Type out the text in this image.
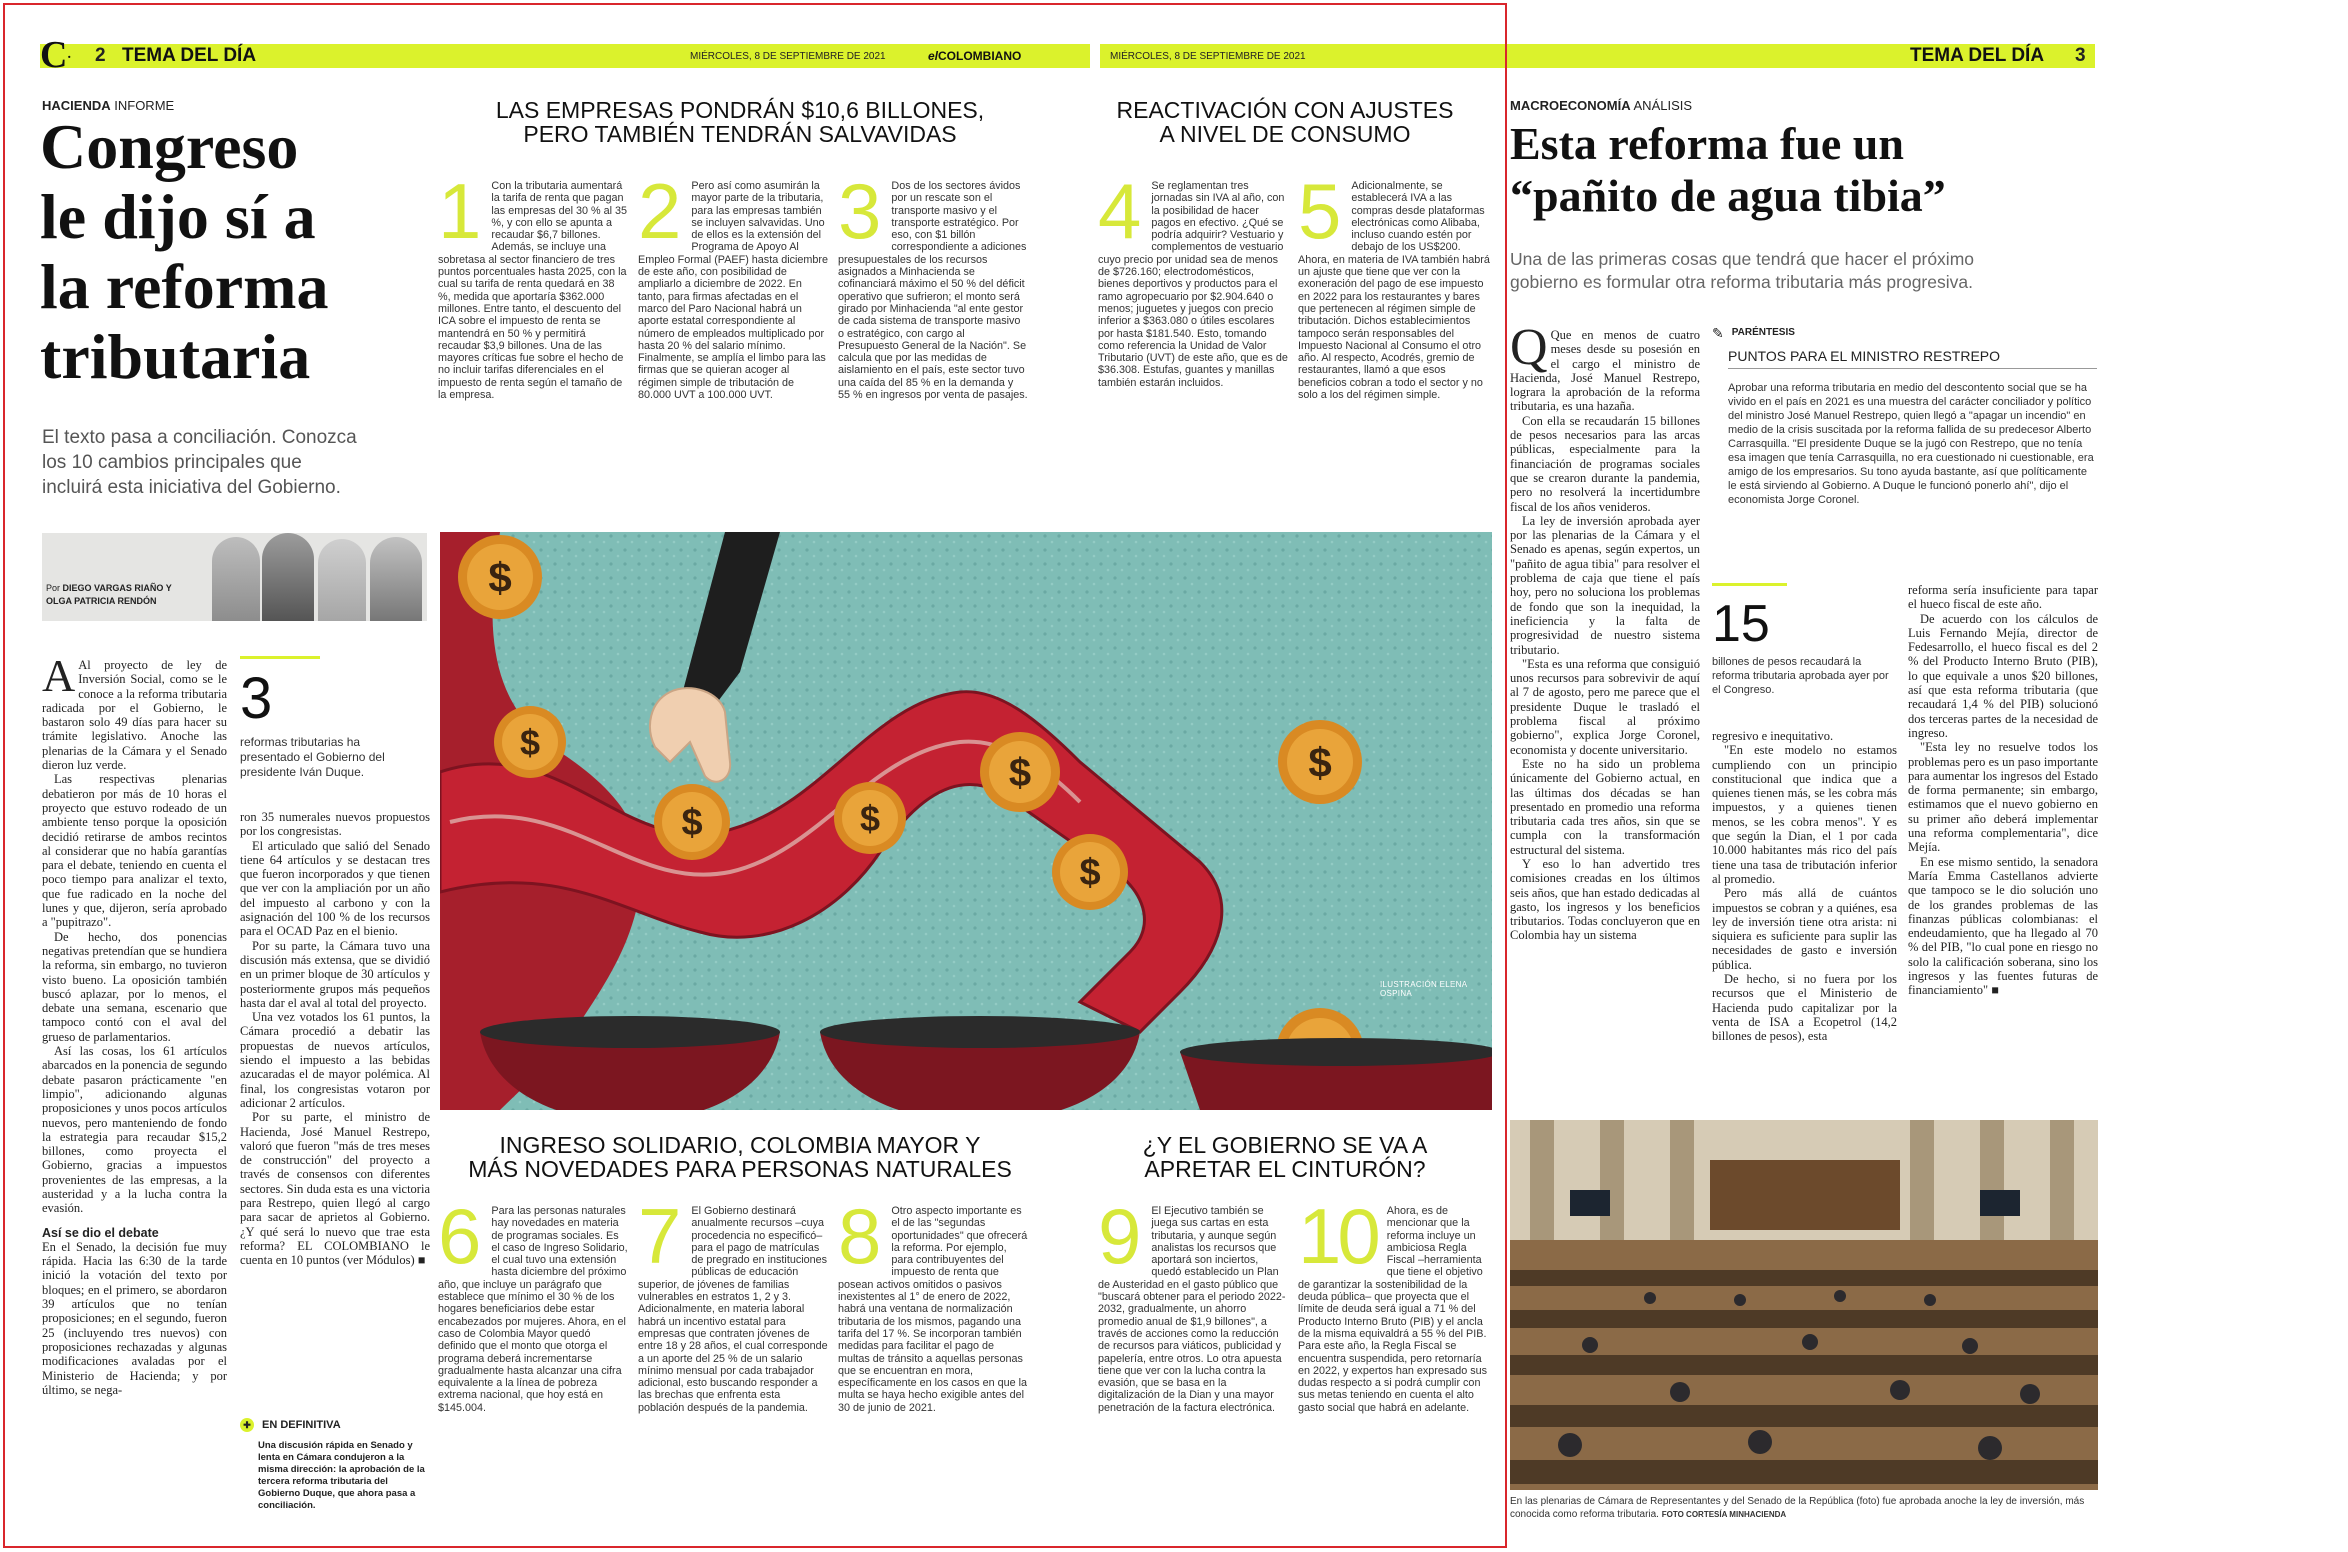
C. 2 TEMA DEL DÍA	MIÉRCOLES, 8 DE SEPTIEMBRE DE 2021	elCOLOMBIANO	MIÉRCOLES, 8 DE SEPTIEMBRE DE 2021	TEMA DEL DÍA 3
HACIENDA INFORME
Congreso
le dijo sí a
la reforma
tributaria
El texto pasa a conciliación. Conozca
los 10 cambios principales que
incluirá esta iniciativa del Gobierno.
Por DIEGO VARGAS RIAÑO Y
OLGA PATRICIA RENDÓN

A Al proyecto de ley de Inversión Social, como se le conoce a la reforma tributaria radicada por el Gobierno, le bastaron solo 49 días para hacer su trámite legislativo. Anoche las plenarias de la Cámara y el Senado dieron luz verde.

Las respectivas plenarias debatieron por más de 10 horas el proyecto que estuvo rodeado de un ambiente tenso porque la oposición decidió retirarse de ambos recintos al considerar que no había garantías para el debate, teniendo en cuenta el poco tiempo para analizar el texto, que fue radicado en la noche del lunes y que, dijeron, sería aprobado a "pupitrazo".

De hecho, dos ponencias negativas pretendían que se hundiera la reforma, sin embargo, no tuvieron visto bueno. La oposición también buscó aplazar, por lo menos, el debate una semana, escenario que tampoco contó con el aval del grueso de parlamentarios.

Así las cosas, los 61 artículos abarcados en la ponencia de segundo debate pasaron prácticamente "en limpio", adicionando algunas proposiciones y unos pocos artículos nuevos, pero manteniendo de fondo la estrategia para recaudar $15,2 billones, como proyecta el Gobierno, gracias a impuestos provenientes de las empresas, a la austeridad y a la lucha contra la evasión.

Así se dio el debate

En el Senado, la decisión fue muy rápida. Hacia las 6:30 de la tarde inició la votación del texto por bloques; en el primero, se abordaron 39 artículos que no tenían proposiciones; en el segundo, fueron 25 (incluyendo tres nuevos) con proposiciones rechazadas y algunas modificaciones avaladas por el Ministerio de Hacienda; y por último, se nega-

3
reformas tributarias ha presentado el Gobierno del presidente Iván Duque.

ron 35 numerales nuevos propuestos por los congresistas.

El articulado que salió del Senado tiene 64 artículos y se destacan tres que fueron incorporados y que tienen que ver con la ampliación por un año del impuesto al carbono y con la asignación del 100 % de los recursos para el OCAD Paz en el bienio.

Por su parte, la Cámara tuvo una discusión más extensa, que se dividió en un primer bloque de 30 artículos y posteriormente grupos más pequeños hasta dar el aval al total del proyecto.

Una vez votados los 61 puntos, la Cámara procedió a debatir las propuestas de nuevos artículos, siendo el impuesto a las bebidas azucaradas el de mayor polémica. Al final, los congresistas votaron por adicionar 2 artículos.

Por su parte, el ministro de Hacienda, José Manuel Restrepo, valoró que fueron "más de tres meses de construcción" del proyecto a través de consensos con diferentes sectores. Sin duda esta es una victoria para Restrepo, quien llegó al cargo para sacar de aprietos al Gobierno. ¿Y qué será lo nuevo que trae esta reforma? EL COLOMBIANO le cuenta en 10 puntos (ver Módulos) ■

✚ EN DEFINITIVA
Una discusión rápida en Senado y lenta en Cámara condujeron a la misma dirección: la aprobación de la tercera reforma tributaria del Gobierno Duque, que ahora pasa a conciliación.
LAS EMPRESAS PONDRÁN $10,6 BILLONES,
PERO TAMBIÉN TENDRÁN SALVAVIDAS
REACTIVACIÓN CON AJUSTES
A NIVEL DE CONSUMO
INGRESO SOLIDARIO, COLOMBIA MAYOR Y
MÁS NOVEDADES PARA PERSONAS NATURALES
¿Y EL GOBIERNO SE VA A
APRETAR EL CINTURÓN?
1 Con la tributaria aumentará la tarifa de renta que pagan las empresas del 30 % al 35 %, y con ello se apunta a recaudar $6,7 billones. Además, se incluye una sobretasa al sector financiero de tres puntos porcentuales hasta 2025, con la cual su tarifa de renta quedará en 38 %, medida que aportaría $362.000 millones. Entre tanto, el descuento del ICA sobre el impuesto de renta se mantendrá en 50 % y permitirá recaudar $3,9 billones. Una de las mayores críticas fue sobre el hecho de no incluir tarifas diferenciales en el impuesto de renta según el tamaño de la empresa.
2 Pero así como asumirán la mayor parte de la tributaria, para las empresas también se incluyen salvavidas. Uno de ellos es la extensión del Programa de Apoyo Al Empleo Formal (PAEF) hasta diciembre de este año, con posibilidad de ampliarlo a diciembre de 2022. En tanto, para firmas afectadas en el marco del Paro Nacional habrá un aporte estatal correspondiente al número de empleados multiplicado por hasta 20 % del salario mínimo. Finalmente, se amplía el limbo para las firmas que se quieran acoger al régimen simple de tributación de 80.000 UVT a 100.000 UVT.
3 Dos de los sectores ávidos por un rescate son el transporte masivo y el transporte estratégico. Por eso, con $1 billón correspondiente a adiciones presupuestales de los recursos asignados a Minhacienda se cofinanciará máximo el 50 % del déficit operativo que sufrieron; el monto será girado por Minhacienda "al ente gestor de cada sistema de transporte masivo o estratégico, con cargo al Presupuesto General de la Nación". Se calcula que por las medidas de aislamiento en el país, este sector tuvo una caída del 85 % en la demanda y 55 % en ingresos por venta de pasajes.
4 Se reglamentan tres jornadas sin IVA al año, con la posibilidad de hacer pagos en efectivo. ¿Qué se podría adquirir? Vestuario y complementos de vestuario cuyo precio por unidad sea de menos de $726.160; electrodomésticos, bienes deportivos y productos para el ramo agropecuario por $2.904.640 o menos; juguetes y juegos con precio inferior a $363.080 o útiles escolares por hasta $181.540. Esto, tomando como referencia la Unidad de Valor Tributario (UVT) de este año, que es de $36.308. Estufas, guantes y manillas también estarán incluidos.
5 Adicionalmente, se establecerá IVA a las compras desde plataformas electrónicas como Alibaba, incluso cuando estén por debajo de los US$200. Ahora, en materia de IVA también habrá un ajuste que tiene que ver con la exoneración del pago de ese impuesto en 2022 para los restaurantes y bares que pertenecen al régimen simple de tributación. Dichos establecimientos tampoco serán responsables del Impuesto Nacional al Consumo el otro año. Al respecto, Acodrés, gremio de restaurantes, llamó a que esos beneficios cobran a todo el sector y no solo a los del régimen simple.
$
$
$	$
$
$
$
ILUSTRACIÓN ELENA OSPINA
6 Para las personas naturales hay novedades en materia de programas sociales. Es el caso de Ingreso Solidario, el cual tuvo una extensión hasta diciembre del próximo año, que incluye un parágrafo que establece que mínimo el 30 % de los hogares beneficiarios debe estar encabezados por mujeres. Ahora, en el caso de Colombia Mayor quedó definido que el monto que otorga el programa deberá incrementarse gradualmente hasta alcanzar una cifra equivalente a la línea de pobreza extrema nacional, que hoy está en $145.004.
7 El Gobierno destinará anualmente recursos –cuya procedencia no especificó– para el pago de matrículas de pregrado en instituciones públicas de educación superior, de jóvenes de familias vulnerables en estratos 1, 2 y 3. Adicionalmente, en materia laboral habrá un incentivo estatal para empresas que contraten jóvenes de entre 18 y 28 años, el cual corresponde a un aporte del 25 % de un salario mínimo mensual por cada trabajador adicional, esto buscando responder a las brechas que enfrenta esta población después de la pandemia.
8 Otro aspecto importante es el de las "segundas oportunidades" que ofrecerá la reforma. Por ejemplo, para contribuyentes del impuesto de renta que posean activos omitidos o pasivos inexistentes al 1° de enero de 2022, habrá una ventana de normalización tributaria de los mismos, pagando una tarifa del 17 %. Se incorporan también medidas para facilitar el pago de multas de tránsito a aquellas personas que se encuentran en mora, específicamente en los casos en que la multa se haya hecho exigible antes del 30 de junio de 2021.
9 El Ejecutivo también se juega sus cartas en esta tributaria, y aunque según analistas los recursos que aportará son inciertos, quedó establecido un Plan de Austeridad en el gasto público que "buscará obtener para el periodo 2022-2032, gradualmente, un ahorro promedio anual de $1,9 billones", a través de acciones como la reducción de recursos para viáticos, publicidad y papelería, entre otros. Lo otra apuesta tiene que ver con la lucha contra la evasión, que se basa en la digitalización de la Dian y una mayor penetración de la factura electrónica.
10 Ahora, es de mencionar que la reforma incluye un ambiciosa Regla Fiscal –herramienta que tiene el objetivo de garantizar la sostenibilidad de la deuda pública– que proyecta que el límite de deuda será igual a 71 % del Producto Interno Bruto (PIB) y el ancla de la misma equivaldrá a 55 % del PIB. Para este año, la Regla Fiscal se encuentra suspendida, pero retornaría en 2022, y expertos han expresado sus dudas respecto a si podrá cumplir con sus metas teniendo en cuenta el alto gasto social que habrá en adelante.
MACROECONOMÍA ANÁLISIS
Esta reforma fue un
“pañito de agua tibia”
Una de las primeras cosas que tendrá que hacer el próximo
gobierno es formular otra reforma tributaria más progresiva.

Q Que en menos de cuatro meses desde su posesión en el cargo el ministro de Hacienda, José Manuel Restrepo, lograra la aprobación de la reforma tributaria, es una hazaña.

Con ella se recaudarán 15 billones de pesos necesarios para las arcas públicas, especialmente para la financiación de programas sociales que se crearon durante la pandemia, pero no resolverá la incertidumbre fiscal de los años venideros.

La ley de inversión aprobada ayer por las plenarias de la Cámara y el Senado es apenas, según expertos, un "pañito de agua tibia" para resolver el problema de caja que tiene el país hoy, pero no soluciona los problemas de fondo que son la inequidad, la ineficiencia y la falta de progresividad de nuestro sistema tributario.

"Esta es una reforma que consiguió unos recursos para sobrevivir de aquí al 7 de agosto, pero me parece que el presidente Duque le trasladó el problema fiscal al próximo gobierno", explica Jorge Coronel, economista y docente universitario.

Este no ha sido un problema únicamente del Gobierno actual, en las últimas dos décadas se han presentado en promedio una reforma tributaria cada tres años, sin que se cumpla con la transformación estructural del sistema.

Y eso lo han advertido tres comisiones creadas en los últimos seis años, que han estado dedicadas al gasto, los ingresos y los beneficios tributarios. Todas concluyeron que en Colombia hay un sistema

✎ PARÉNTESIS
PUNTOS PARA EL MINISTRO RESTREPO
Aprobar una reforma tributaria en medio del descontento social que se ha vivido en el país en 2021 es una muestra del carácter conciliador y político del ministro José Manuel Restrepo, quien llegó a "apagar un incendio" en medio de la crisis suscitada por la reforma fallida de su predecesor Alberto Carrasquilla. "El presidente Duque se la jugó con Restrepo, que no tenía esa imagen que tenía Carrasquilla, no era cuestionado ni cuestionable, era amigo de los empresarios. Su tono ayuda bastante, así que políticamente le está sirviendo al Gobierno. A Duque le funcionó ponerlo ahí", dijo el economista Jorge Coronel.
15
billones de pesos recaudará la reforma tributaria aprobada ayer por el Congreso.

regresivo e inequitativo.

"En este modelo no estamos cumpliendo con un principio constitucional que indica que a quienes tienen más, se les cobra más impuestos, y a quienes tienen menos, se les cobra menos". Y es que según la Dian, el 1 por cada 10.000 habitantes más rico del país tiene una tasa de tributación inferior al promedio.

Pero más allá de cuántos impuestos se cobran y a quiénes, esa ley de inversión tiene otra arista: ni siquiera es suficiente para suplir las necesidades de gasto e inversión pública.

De hecho, si no fuera por los recursos que el Ministerio de Hacienda pudo capitalizar por la venta de ISA a Ecopetrol (14,2 billones de pesos), esta

reforma sería insuficiente para tapar el hueco fiscal de este año.

De acuerdo con los cálculos de Luis Fernando Mejía, director de Fedesarrollo, el hueco fiscal es del 2 % del Producto Interno Bruto (PIB), lo que equivale a unos $20 billones, así que esta reforma tributaria (que recaudará 1,4 % del PIB) solucionó dos terceras partes de la necesidad de ingreso.

"Esta ley no resuelve todos los problemas pero es un paso importante para aumentar los ingresos del Estado de forma permanente; sin embargo, estimamos que el nuevo gobierno en su primer año deberá implementar una reforma complementaria", dice Mejía.

En ese mismo sentido, la senadora María Emma Castellanos advierte que tampoco se le dio solución uno de los grandes problemas de las finanzas públicas colombianas: el endeudamiento, que ha llegado al 70 % del PIB, "lo cual pone en riesgo no solo la calificación soberana, sino los ingresos y las fuentes futuras de financiamiento" ■

En las plenarias de Cámara de Representantes y del Senado de la República (foto) fue aprobada anoche la ley de inversión, más conocida como reforma tributaria. FOTO CORTESÍA MINHACIENDA
